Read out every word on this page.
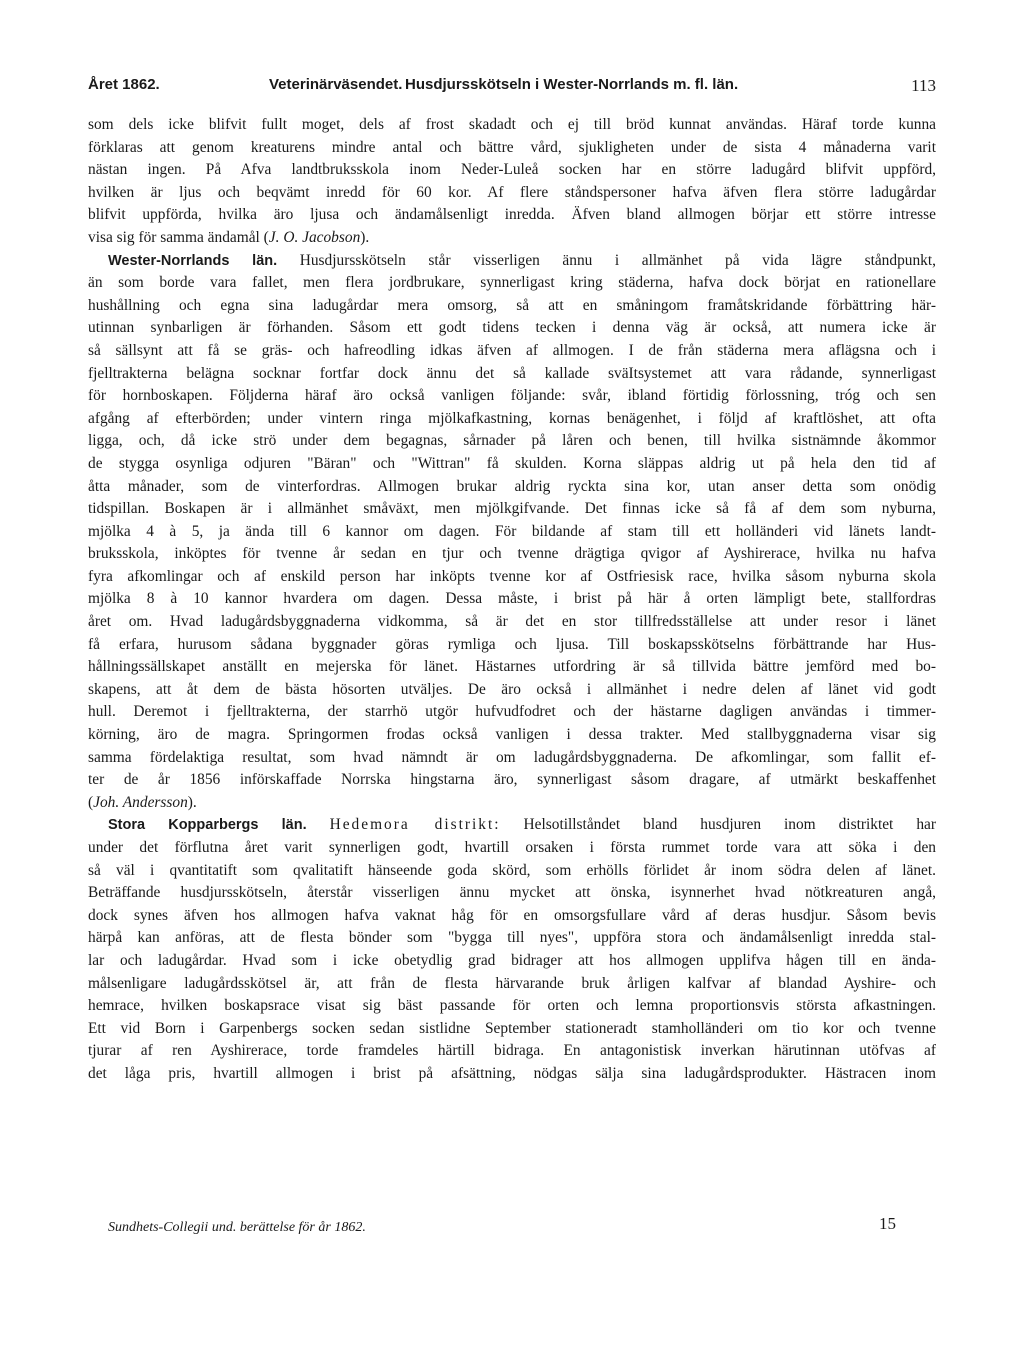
Året 1862.	Veterinärväsendet. Husdjursskötseln i Wester-Norrlands m. fl. län.	113
som dels icke blifvit fullt moget, dels af frost skadadt och ej till bröd kunnat användas. Häraf torde kunna
förklaras att genom kreaturens mindre antal och bättre vård, sjukligheten under de sista 4 månaderna varit
nästan ingen. På Afva landtbruksskola inom Neder-Luleå socken har en större ladugård blifvit uppförd,
hvilken är ljus och beqvämt inredd för 60 kor. Af flere ståndspersoner hafva äfven flera större ladugårdar
blifvit uppförda, hvilka äro ljusa och ändamålsenligt inredda. Äfven bland allmogen börjar ett större intresse
visa sig för samma ändamål (J. O. Jacobson).
Wester-Norrlands län. Husdjursskötseln står visserligen ännu i allmänhet på vida lägre ståndpunkt,
än som borde vara fallet, men flera jordbrukare, synnerligast kring städerna, hafva dock börjat en rationellare
hushållning och egna sina ladugårdar mera omsorg, så att en småningom framåtskridande förbättring här-
utinnan synbarligen är förhanden. Såsom ett godt tidens tecken i denna väg är också, att numera icke är
så sällsynt att få se gräs- och hafreodling idkas äfven af allmogen. I de från städerna mera aflägsna och i
fjelltrakterna belägna socknar fortfar dock ännu det så kallade sväItsystemet att vara rådande, synnerligast
för hornboskapen. Följderna häraf äro också vanligen följande: svår, ibland förtidig förlossning, tróg och sen
afgång af efterbörden; under vintern ringa mjölkafkastning, kornas benägenhet, i följd af kraftlöshet, att ofta
ligga, och, då icke strö under dem begagnas, sårnader på låren och benen, till hvilka sistnämnde åkommor
de stygga osynliga odjuren "Bäran" och "Wittran" få skulden. Korna släppas aldrig ut på hela den tid af
åtta månader, som de vinterfordras. Allmogen brukar aldrig ryckta sina kor, utan anser detta som onödig
tidspillan. Boskapen är i allmänhet småväxt, men mjölkgifvande. Det finnas icke så få af dem som nyburna,
mjölka 4 à 5, ja ända till 6 kannor om dagen. För bildande af stam till ett holländeri vid länets landt-
bruksskola, inköptes för tvenne år sedan en tjur och tvenne drägtiga qvigor af Ayshirerace, hvilka nu hafva
fyra afkomlingar och af enskild person har inköpts tvenne kor af Ostfriesisk race, hvilka såsom nyburna skola
mjölka 8 à 10 kannor hvardera om dagen. Dessa måste, i brist på här å orten lämpligt bete, stallfordras
året om. Hvad ladugårdsbyggnaderna vidkomma, så är det en stor tillfredsställelse att under resor i länet
få erfara, hurusom sådana byggnader göras rymliga och ljusa. Till boskapsskötselns förbättrande har Hus-
hållningssällskapet anställt en mejerska för länet. Hästarnes utfordring är så tillvida bättre jemförd med bo-
skapens, att åt dem de bästa hösorten utväljes. De äro också i allmänhet i nedre delen af länet vid godt
hull. Deremot i fjelltrakterna, der starrhö utgör hufvudfodret och der hästarne dagligen användas i timmer-
körning, äro de magra. Springormen frodas också vanligen i dessa trakter. Med stallbyggnaderna visar sig
samma fördelaktiga resultat, som hvad nämndt är om ladugårdsbyggnaderna. De afkomlingar, som fallit ef-
ter de år 1856 införskaffade Norrska hingstarna äro, synnerligast såsom dragare, af utmärkt beskaffenhet
(Joh. Andersson).
Stora Kopparbergs län. Hedemora distrikt: Helsotillståndet bland husdjuren inom distriktet har
under det förflutna året varit synnerligen godt, hvartill orsaken i första rummet torde vara att söka i den
så väl i qvantitatift som qvalitatift hänseende goda skörd, som erhölls förlidet år inom södra delen af länet.
Beträffande husdjursskötseln, återstår visserligen ännu mycket att önska, isynnerhet hvad nötkreaturen angå,
dock synes äfven hos allmogen hafva vaknat håg för en omsorgsfullare vård af deras husdjur. Såsom bevis
härpå kan anföras, att de flesta bönder som "bygga till nyes", uppföra stora och ändamålsenligt inredda stal-
lar och ladugårdar. Hvad som i icke obetydlig grad bidrager att hos allmogen upplifva hågen till en ända-
målsenligare ladugårdsskötsel är, att från de flesta härvarande bruk årligen kalfvar af blandad Ayshire- och
hemrace, hvilken boskapsrace visat sig bäst passande för orten och lemna proportionsvis största afkastningen.
Ett vid Born i Garpenbergs socken sedan sistlidne September stationeradt stamholländeri om tio kor och tvenne
tjurar af ren Ayshirerace, torde framdeles härtill bidraga. En antagonistisk inverkan härutinnan utöfvas af
det låga pris, hvartill allmogen i brist på afsättning, nödgas sälja sina ladugårdsprodukter. Hästracen inom
Sundhets-Collegii und. berättelse för år 1862.	15
